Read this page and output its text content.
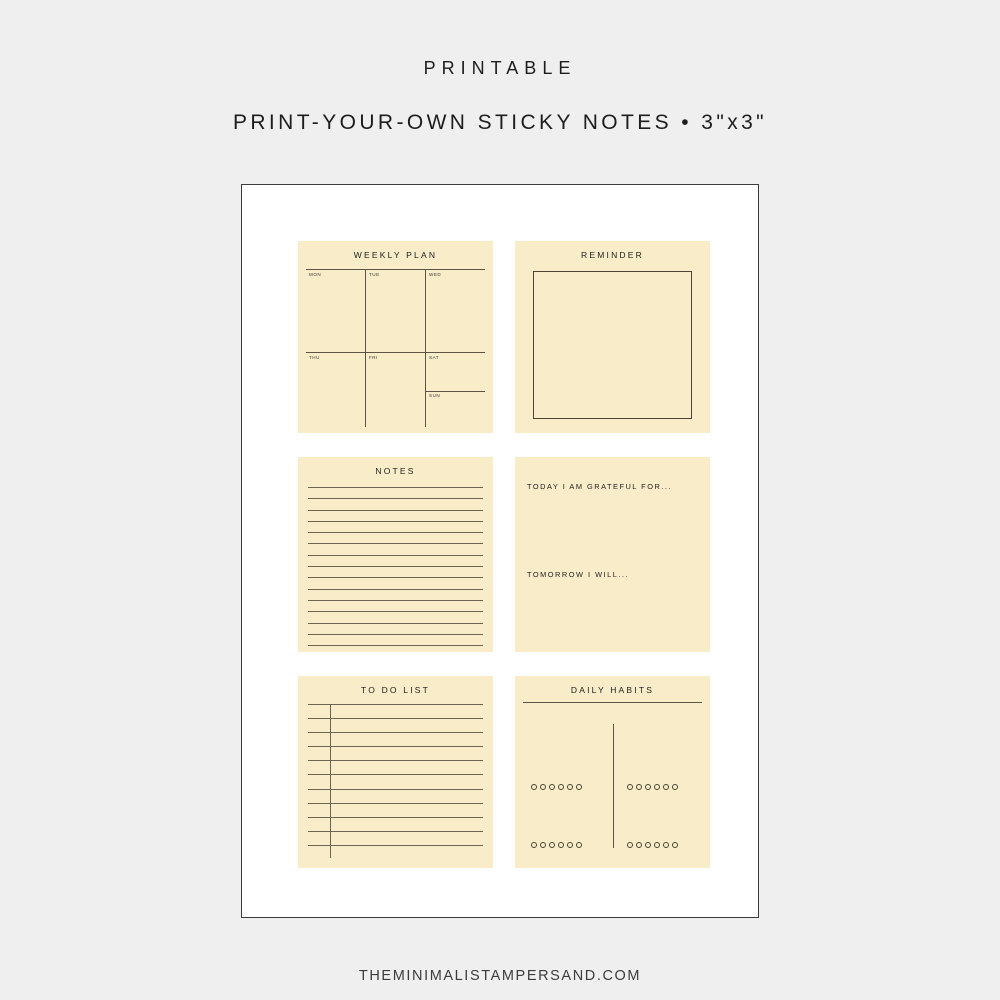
PRINTABLE
PRINT-YOUR-OWN STICKY NOTES • 3"x3"
WEEKLY PLAN
MON	TUE	WED
THU	FRI	SAT
SUN
REMINDER
NOTES
TODAY I AM GRATEFUL FOR...
TOMORROW I WILL...
TO DO LIST	DAILY HABITS
THEMINIMALISTAMPERSAND.COM
